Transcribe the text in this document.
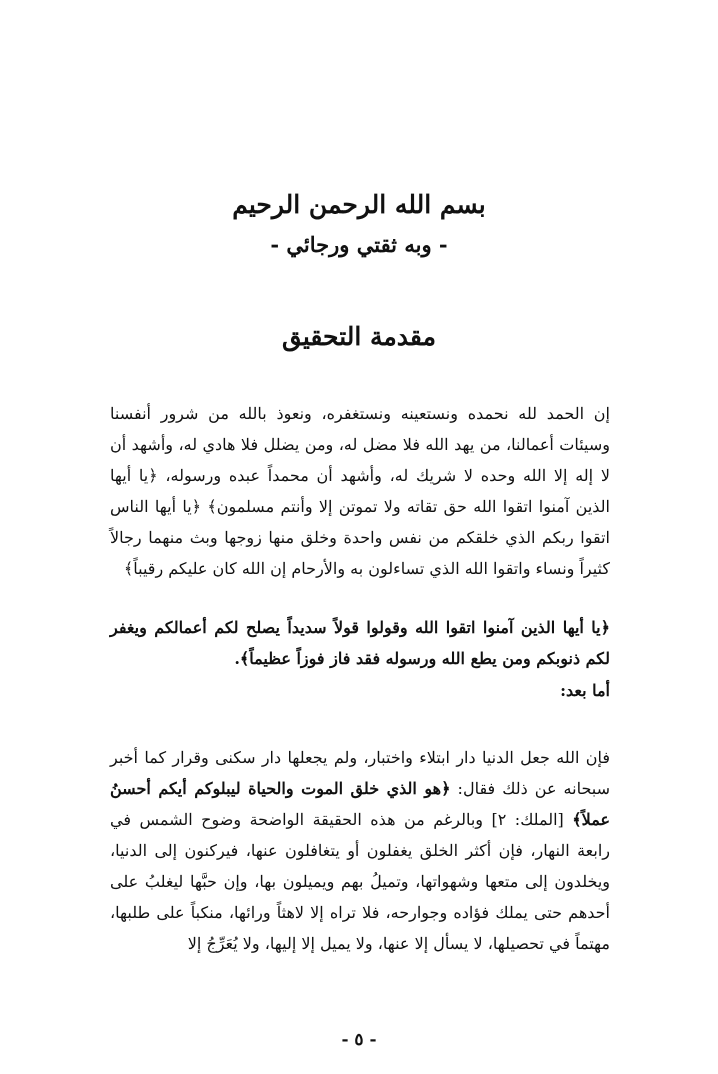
بسم الله الرحمن الرحيم
- وبه ثقتي ورجائي -
مقدمة التحقيق

إن الحمد لله نحمده ونستعينه ونستغفره، ونعوذ بالله من شرور أنفسنا وسيئات أعمالنا، من يهد الله فلا مضل له، ومن يضلل فلا هادي له، وأشهد أن لا إله إلا الله وحده لا شريك له، وأشهد أن محمداً عبده ورسوله، ﴿يا أيها الذين آمنوا اتقوا الله حق تقاته ولا تموتن إلا وأنتم مسلمون﴾ ﴿يا أيها الناس اتقوا ربكم الذي خلقكم من نفس واحدة وخلق منها زوجها وبث منهما رجالاً كثيراً ونساء واتقوا الله الذي تساءلون به والأرحام إن الله كان عليكم رقيباً﴾

﴿يا أيها الذين آمنوا اتقوا الله وقولوا قولاً سديداً يصلح لكم أعمالكم ويغفر لكم ذنوبكم ومن يطع الله ورسوله فقد فاز فوزاً عظيماً﴾.

أما بعد:

فإن الله جعل الدنيا دار ابتلاء واختبار، ولم يجعلها دار سكنى وقرار كما أخبر سبحانه عن ذلك فقال: ﴿هو الذي خلق الموت والحياة ليبلوكم أيكم أحسنُ عملاً﴾ [الملك: ٢] وبالرغم من هذه الحقيقة الواضحة وضوح الشمس في رابعة النهار، فإن أكثر الخلق يغفلون أو يتغافلون عنها، فيركنون إلى الدنيا، ويخلدون إلى متعها وشهواتها، وتميلُ بهم ويميلون بها، وإن حبَّها ليغلبُ على أحدهم حتى يملك فؤاده وجوارحه، فلا تراه إلا لاهثاً ورائها، منكباً على طلبها، مهتماً في تحصيلها، لا يسأل إلا عنها، ولا يميل إلا إليها، ولا يُعَرِّجُ إلا

- ٥ -
